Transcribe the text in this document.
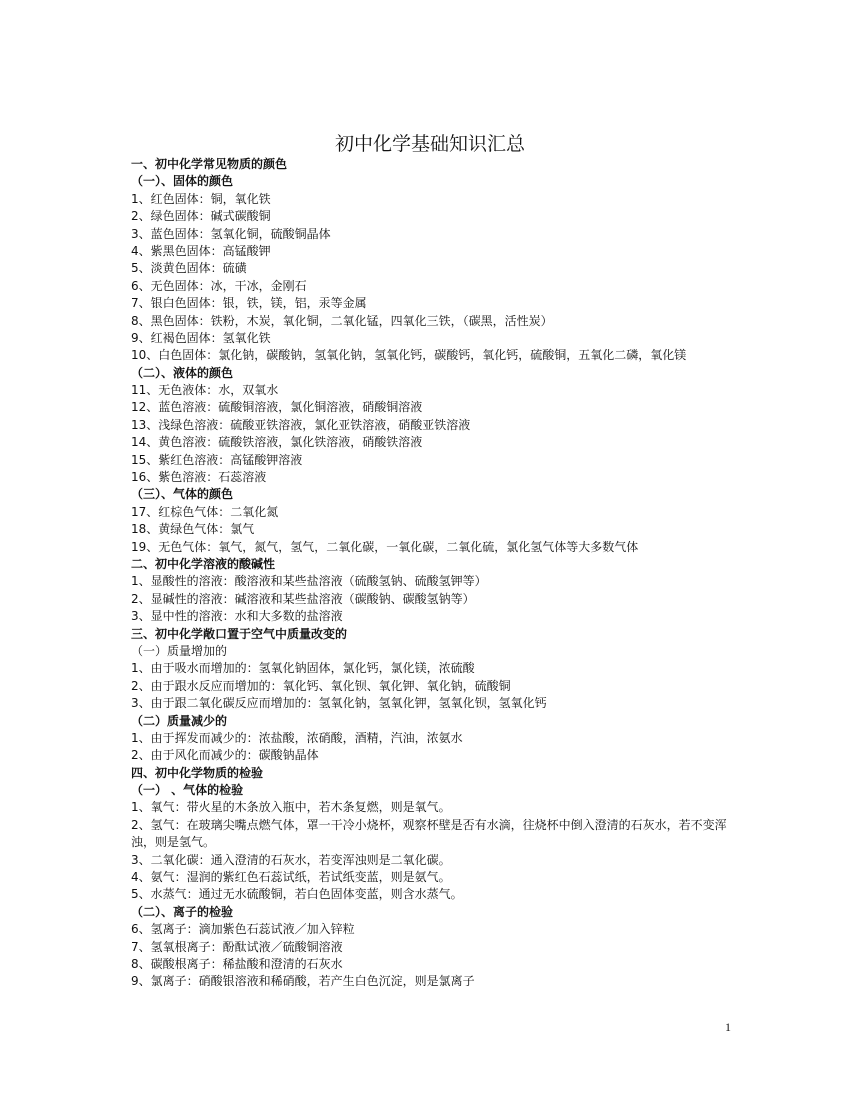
初中化学基础知识汇总
一、初中化学常见物质的颜色
（一）、固体的颜色
1、红色固体：铜，氧化铁
2、绿色固体：碱式碳酸铜
3、蓝色固体：氢氧化铜，硫酸铜晶体
4、紫黑色固体：高锰酸钾
5、淡黄色固体：硫磺
6、无色固体：冰，干冰，金刚石
7、银白色固体：银，铁，镁，铝，汞等金属
8、黑色固体：铁粉，木炭，氧化铜，二氧化锰，四氧化三铁，（碳黑，活性炭）
9、红褐色固体：氢氧化铁
10、白色固体：氯化钠，碳酸钠，氢氧化钠，氢氧化钙，碳酸钙，氧化钙，硫酸铜，五氧化二磷，氧化镁
（二）、液体的颜色
11、无色液体：水，双氧水
12、蓝色溶液：硫酸铜溶液，氯化铜溶液，硝酸铜溶液
13、浅绿色溶液：硫酸亚铁溶液，氯化亚铁溶液，硝酸亚铁溶液
14、黄色溶液：硫酸铁溶液，氯化铁溶液，硝酸铁溶液
15、紫红色溶液：高锰酸钾溶液
16、紫色溶液：石蕊溶液
（三）、气体的颜色
17、红棕色气体：二氧化氮
18、黄绿色气体：氯气
19、无色气体：氧气，氮气，氢气，二氧化碳，一氧化碳，二氧化硫，氯化氢气体等大多数气体
二、初中化学溶液的酸碱性
1、显酸性的溶液：酸溶液和某些盐溶液（硫酸氢钠、硫酸氢钾等）
2、显碱性的溶液：碱溶液和某些盐溶液（碳酸钠、碳酸氢钠等）
3、显中性的溶液：水和大多数的盐溶液
三、初中化学敞口置于空气中质量改变的
（一）质量增加的
1、由于吸水而增加的：氢氧化钠固体，氯化钙，氯化镁，浓硫酸
2、由于跟水反应而增加的：氧化钙、氧化钡、氧化钾、氧化钠，硫酸铜
3、由于跟二氧化碳反应而增加的：氢氧化钠，氢氧化钾，氢氧化钡，氢氧化钙
（二）质量减少的
1、由于挥发而减少的：浓盐酸，浓硝酸，酒精，汽油，浓氨水
2、由于风化而减少的：碳酸钠晶体
四、初中化学物质的检验
（一） 、气体的检验
1、氧气：带火星的木条放入瓶中，若木条复燃，则是氧气。
2、氢气：在玻璃尖嘴点燃气体，罩一干冷小烧杯，观察杯壁是否有水滴，往烧杯中倒入澄清的石灰水，若不变浑浊，则是氢气。
3、二氧化碳：通入澄清的石灰水，若变浑浊则是二氧化碳。
4、氨气：湿润的紫红色石蕊试纸，若试纸变蓝，则是氨气。
5、水蒸气：通过无水硫酸铜，若白色固体变蓝，则含水蒸气。
（二）、离子的检验
6、氢离子：滴加紫色石蕊试液／加入锌粒
7、氢氧根离子：酚酞试液／硫酸铜溶液
8、碳酸根离子：稀盐酸和澄清的石灰水
9、氯离子：硝酸银溶液和稀硝酸，若产生白色沉淀，则是氯离子
1
